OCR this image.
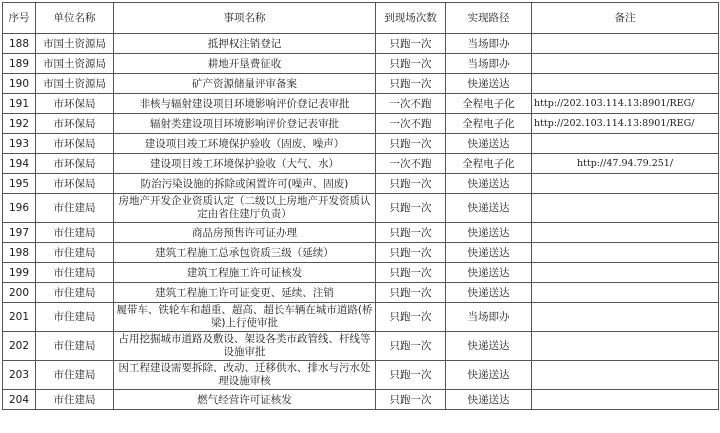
序号	单位名称	事项名称	到现场次数	实现路径	备注
188	市国土资源局	抵押权注销登记	只跑一次	当场即办	
189	市国土资源局	耕地开垦费征收	只跑一次	当场即办	
190	市国土资源局	矿产资源储量评审备案	只跑一次	快递送达	
191	市环保局	非核与辐射建设项目环境影响评价登记表审批	一次不跑	全程电子化	http://202.103.114.13:8901/REG/
192	市环保局	辐射类建设项目环境影响评价登记表审批	一次不跑	全程电子化	http://202.103.114.13:8901/REG/
193	市环保局	建设项目竣工环境保护验收（固废、噪声）	只跑一次	快递送达	
194	市环保局	建设项目竣工环境保护验收（大气、水）	一次不跑	全程电子化	http://47.94.79.251/
195	市环保局	防治污染设施的拆除或闲置许可(噪声、固废)	只跑一次	快递送达	
196	市住建局	房地产开发企业资质认定（二级以上房地产开发资质认定由省住建厅负责）	只跑一次	快递送达	
197	市住建局	商品房预售许可证办理	只跑一次	快递送达	
198	市住建局	建筑工程施工总承包资质三级（延续）	只跑一次	快递送达	
199	市住建局	建筑工程施工许可证核发	只跑一次	快递送达	
200	市住建局	建筑工程施工许可证变更、延续、注销	只跑一次	快递送达	
201	市住建局	履带车、铁轮车和超重、超高、超长车辆在城市道路(桥梁)上行使审批	只跑一次	当场即办	
202	市住建局	占用挖掘城市道路及敷设、架设各类市政管线、杆线等设施审批	只跑一次	快递送达	
203	市住建局	因工程建设需要拆除、改动、迁移供水、排水与污水处理设施审核	只跑一次	快递送达	
204	市住建局	燃气经营许可证核发	只跑一次	快递送达	
